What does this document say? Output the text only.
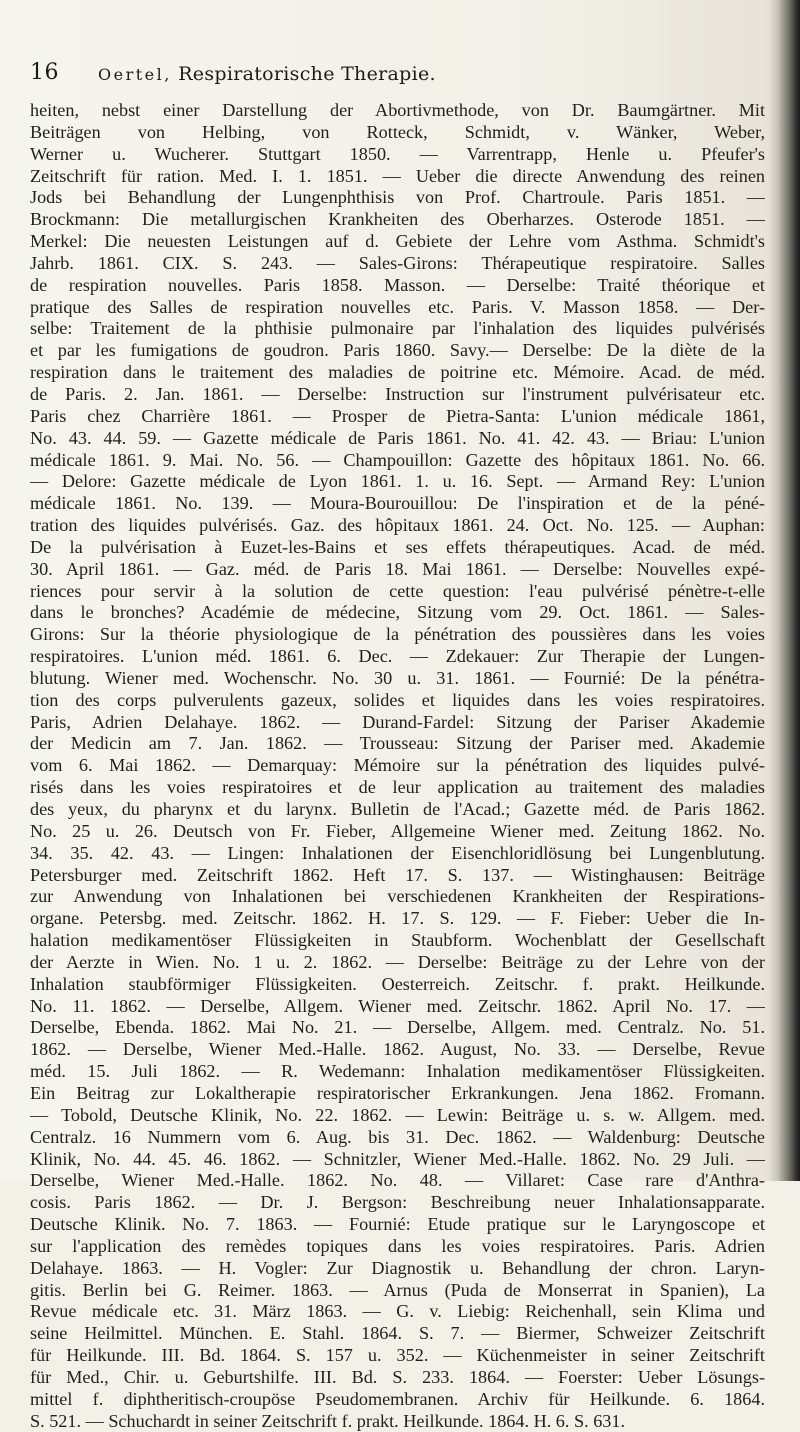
16 Oertel, Respiratorische Therapie.
heiten, nebst einer Darstellung der Abortivmethode, von Dr. Baumgärtner. Mit
Beiträgen von Helbing, von Rotteck, Schmidt, v. Wänker, Weber,
Werner u. Wucherer. Stuttgart 1850. — Varrentrapp, Henle u. Pfeufer's
Zeitschrift für ration. Med. I. 1. 1851. — Ueber die directe Anwendung des reinen
Jods bei Behandlung der Lungenphthisis von Prof. Chartroule. Paris 1851. —
Brockmann: Die metallurgischen Krankheiten des Oberharzes. Osterode 1851. —
Merkel: Die neuesten Leistungen auf d. Gebiete der Lehre vom Asthma. Schmidt's
Jahrb. 1861. CIX. S. 243. — Sales-Girons: Thérapeutique respiratoire. Salles
de respiration nouvelles. Paris 1858. Masson. — Derselbe: Traité théorique et
pratique des Salles de respiration nouvelles etc. Paris. V. Masson 1858. — Der-
selbe: Traitement de la phthisie pulmonaire par l'inhalation des liquides pulvérisés
et par les fumigations de goudron. Paris 1860. Savy.— Derselbe: De la diète de la
respiration dans le traitement des maladies de poitrine etc. Mémoire. Acad. de méd.
de Paris. 2. Jan. 1861. — Derselbe: Instruction sur l'instrument pulvérisateur etc.
Paris chez Charrière 1861. — Prosper de Pietra-Santa: L'union médicale 1861,
No. 43. 44. 59. — Gazette médicale de Paris 1861. No. 41. 42. 43. — Briau: L'union
médicale 1861. 9. Mai. No. 56. — Champouillon: Gazette des hôpitaux 1861. No. 66.
— Delore: Gazette médicale de Lyon 1861. 1. u. 16. Sept. — Armand Rey: L'union
médicale 1861. No. 139. — Moura-Bourouillou: De l'inspiration et de la péné-
tration des liquides pulvérisés. Gaz. des hôpitaux 1861. 24. Oct. No. 125. — Auphan:
De la pulvérisation à Euzet-les-Bains et ses effets thérapeutiques. Acad. de méd.
30. April 1861. — Gaz. méd. de Paris 18. Mai 1861. — Derselbe: Nouvelles expé-
riences pour servir à la solution de cette question: l'eau pulvérisé pénètre-t-elle
dans le bronches? Académie de médecine, Sitzung vom 29. Oct. 1861. — Sales-
Girons: Sur la théorie physiologique de la pénétration des poussières dans les voies
respiratoires. L'union méd. 1861. 6. Dec. — Zdekauer: Zur Therapie der Lungen-
blutung. Wiener med. Wochenschr. No. 30 u. 31. 1861. — Fournié: De la pénétra-
tion des corps pulverulents gazeux, solides et liquides dans les voies respiratoires.
Paris, Adrien Delahaye. 1862. — Durand-Fardel: Sitzung der Pariser Akademie
der Medicin am 7. Jan. 1862. — Trousseau: Sitzung der Pariser med. Akademie
vom 6. Mai 1862. — Demarquay: Mémoire sur la pénétration des liquides pulvé-
risés dans les voies respiratoires et de leur application au traitement des maladies
des yeux, du pharynx et du larynx. Bulletin de l'Acad.; Gazette méd. de Paris 1862.
No. 25 u. 26. Deutsch von Fr. Fieber, Allgemeine Wiener med. Zeitung 1862. No.
34. 35. 42. 43. — Lingen: Inhalationen der Eisenchloridlösung bei Lungenblutung.
Petersburger med. Zeitschrift 1862. Heft 17. S. 137. — Wistinghausen: Beiträge
zur Anwendung von Inhalationen bei verschiedenen Krankheiten der Respirations-
organe. Petersbg. med. Zeitschr. 1862. H. 17. S. 129. — F. Fieber: Ueber die In-
halation medikamentöser Flüssigkeiten in Staubform. Wochenblatt der Gesellschaft
der Aerzte in Wien. No. 1 u. 2. 1862. — Derselbe: Beiträge zu der Lehre von der
Inhalation staubförmiger Flüssigkeiten. Oesterreich. Zeitschr. f. prakt. Heilkunde.
No. 11. 1862. — Derselbe, Allgem. Wiener med. Zeitschr. 1862. April No. 17. —
Derselbe, Ebenda. 1862. Mai No. 21. — Derselbe, Allgem. med. Centralz. No. 51.
1862. — Derselbe, Wiener Med.-Halle. 1862. August, No. 33. — Derselbe, Revue
méd. 15. Juli 1862. — R. Wedemann: Inhalation medikamentöser Flüssigkeiten.
Ein Beitrag zur Lokaltherapie respiratorischer Erkrankungen. Jena 1862. Fromann.
— Tobold, Deutsche Klinik, No. 22. 1862. — Lewin: Beiträge u. s. w. Allgem. med.
Centralz. 16 Nummern vom 6. Aug. bis 31. Dec. 1862. — Waldenburg: Deutsche
Klinik, No. 44. 45. 46. 1862. — Schnitzler, Wiener Med.-Halle. 1862. No. 29 Juli. —
Derselbe, Wiener Med.-Halle. 1862. No. 48. — Villaret: Case rare d'Anthra-
cosis. Paris 1862. — Dr. J. Bergson: Beschreibung neuer Inhalationsapparate.
Deutsche Klinik. No. 7. 1863. — Fournié: Etude pratique sur le Laryngoscope et
sur l'application des remèdes topiques dans les voies respiratoires. Paris. Adrien
Delahaye. 1863. — H. Vogler: Zur Diagnostik u. Behandlung der chron. Laryn-
gitis. Berlin bei G. Reimer. 1863. — Arnus (Puda de Monserrat in Spanien), La
Revue médicale etc. 31. März 1863. — G. v. Liebig: Reichenhall, sein Klima und
seine Heilmittel. München. E. Stahl. 1864. S. 7. — Biermer, Schweizer Zeitschrift
für Heilkunde. III. Bd. 1864. S. 157 u. 352. — Küchenmeister in seiner Zeitschrift
für Med., Chir. u. Geburtshilfe. III. Bd. S. 233. 1864. — Foerster: Ueber Lösungs-
mittel f. diphtheritisch-croupöse Pseudomembranen. Archiv für Heilkunde. 6. 1864.
S. 521. — Schuchardt in seiner Zeitschrift f. prakt. Heilkunde. 1864. H. 6. S. 631.
